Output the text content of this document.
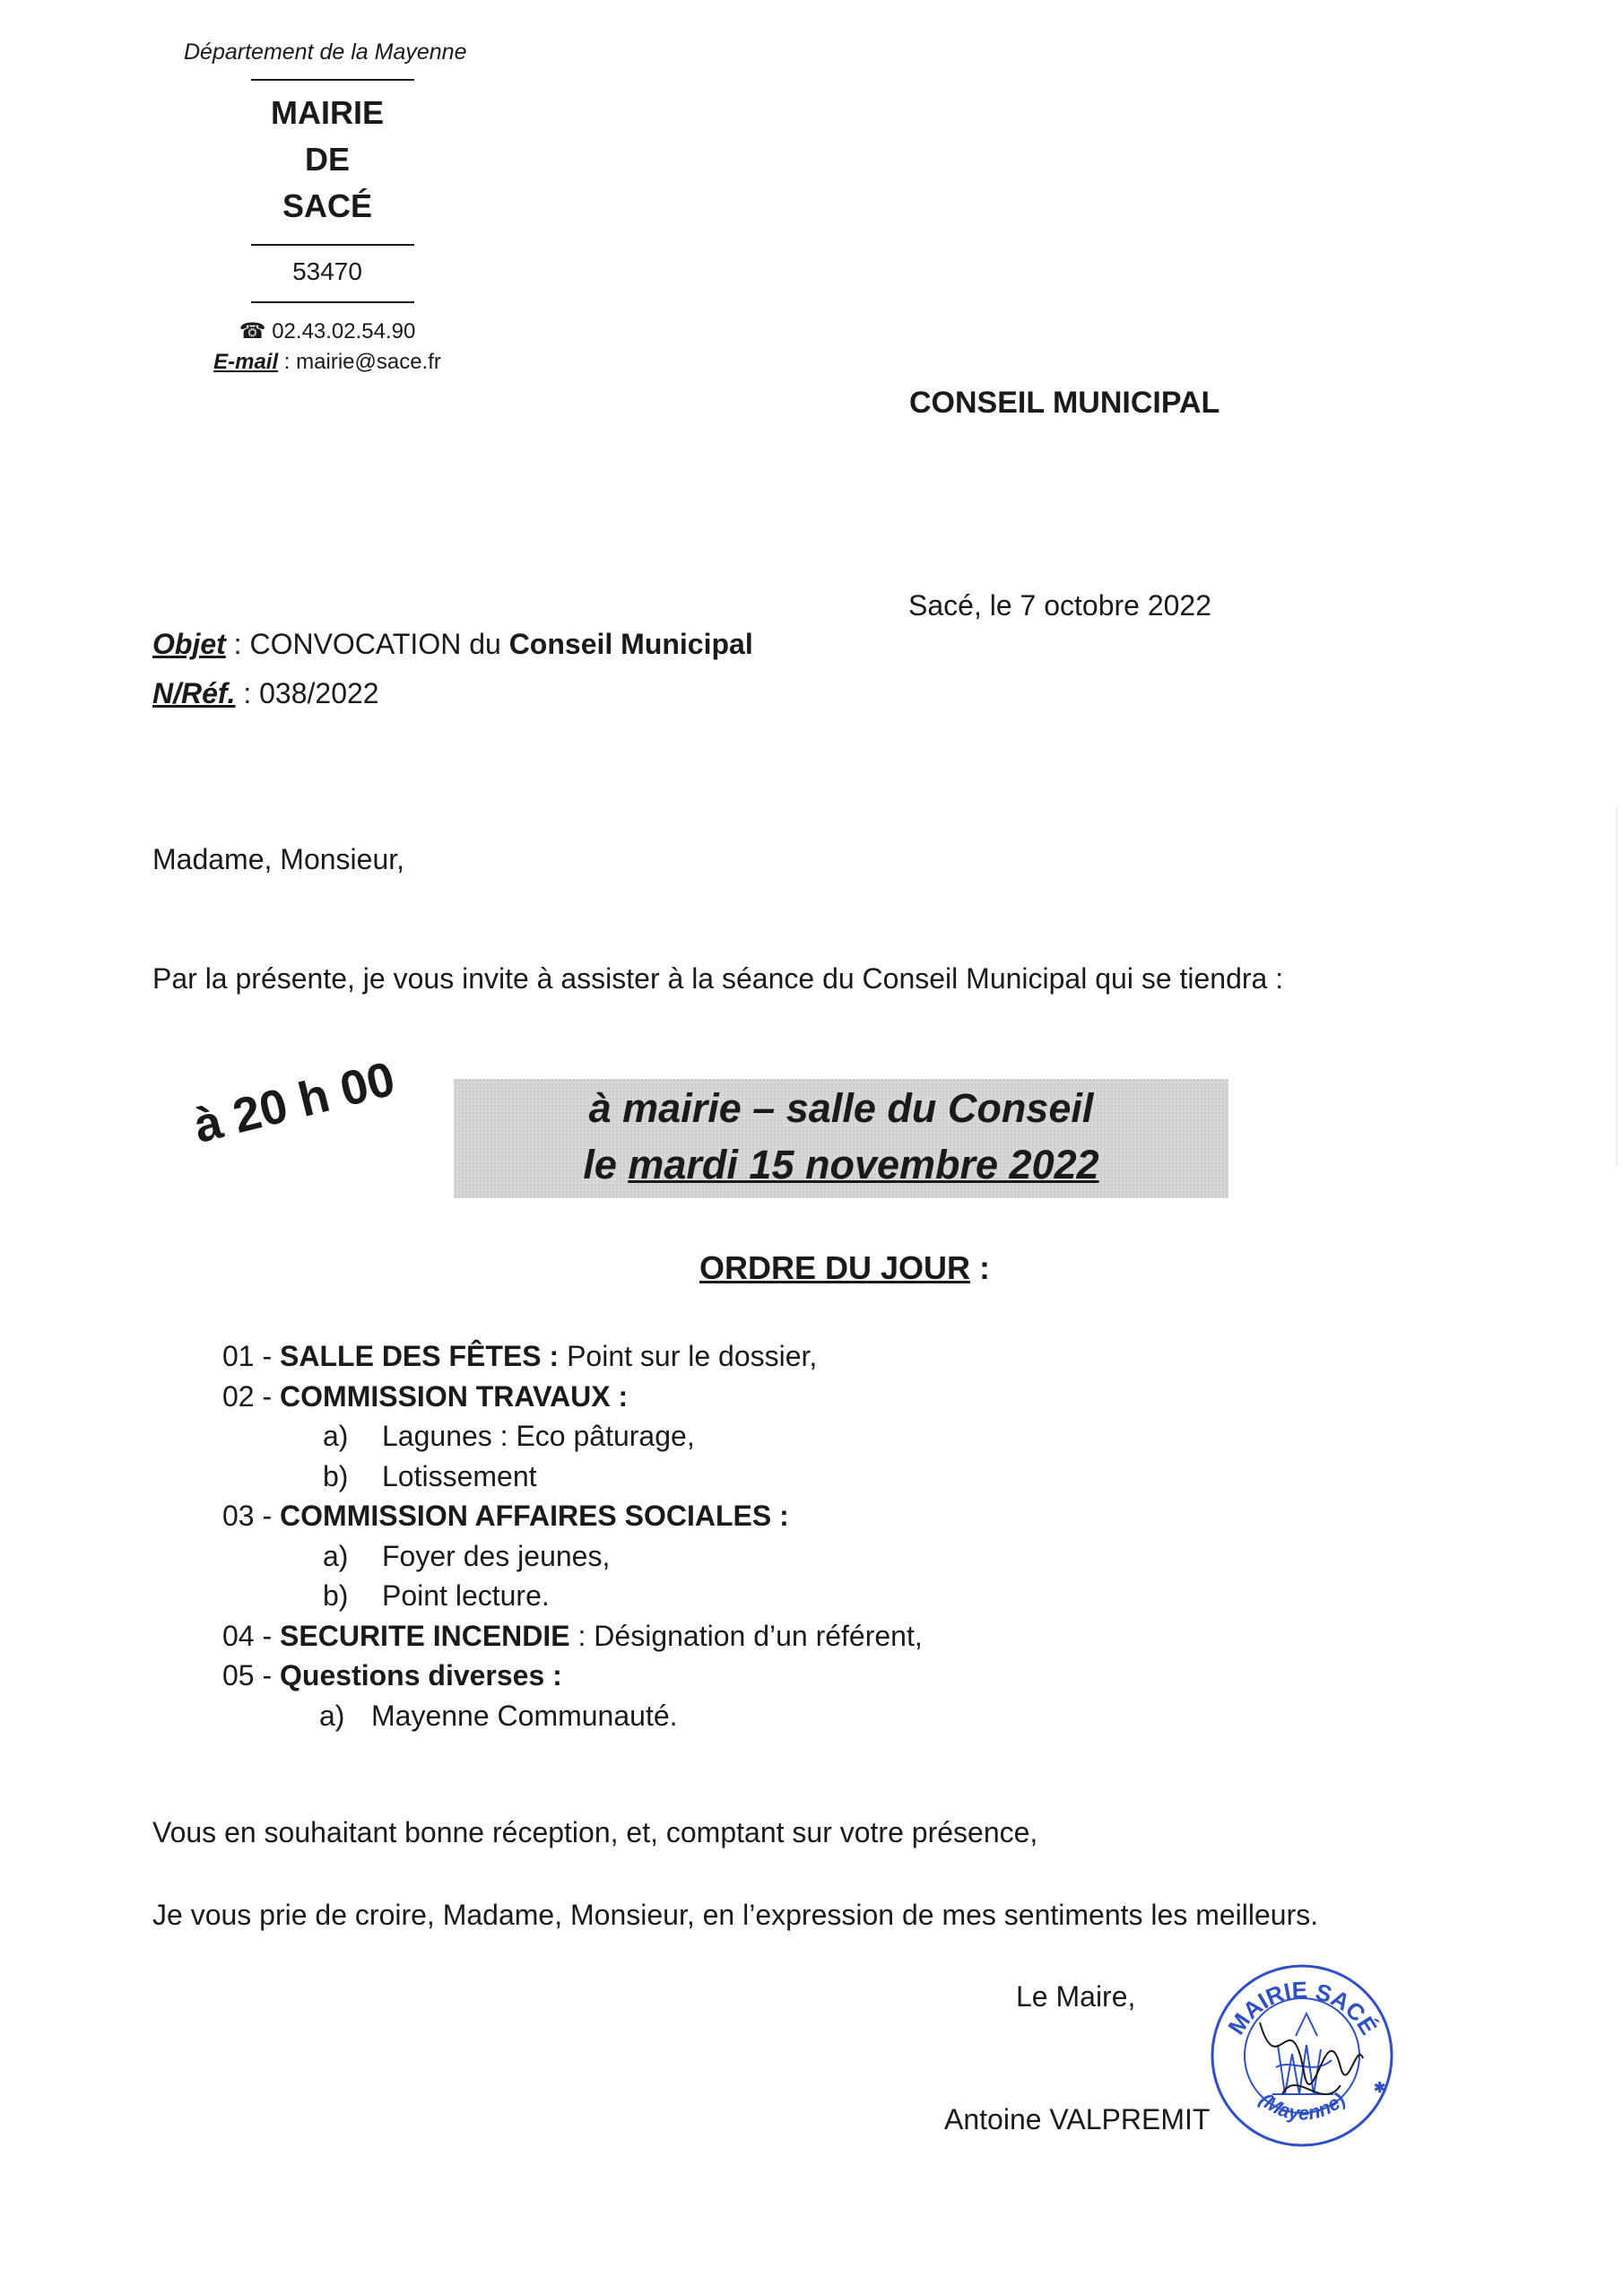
Département de la Mayenne
MAIRIE
DE
SACÉ
53470
☎ 02.43.02.54.90
E-mail : mairie@sace.fr
CONSEIL MUNICIPAL
Sacé, le 7 octobre 2022
Objet : CONVOCATION du Conseil Municipal
N/Réf. : 038/2022
Madame, Monsieur,
Par la présente, je vous invite à assister à la séance du Conseil Municipal qui se tiendra :
à 20 h 00	à mairie – salle du Conseil
le mardi 15 novembre 2022
ORDRE DU JOUR :
01 - SALLE DES FÊTES : Point sur le dossier,
02 - COMMISSION TRAVAUX :
a) Lagunes : Eco pâturage,
b) Lotissement
03 - COMMISSION AFFAIRES SOCIALES :
a) Foyer des jeunes,
b) Point lecture.
04 - SECURITE INCENDIE : Désignation d’un référent,
05 - Questions diverses :
a) Mayenne Communauté.
Vous en souhaitant bonne réception, et, comptant sur votre présence,
Je vous prie de croire, Madame, Monsieur, en l’expression de mes sentiments les meilleurs.
Le Maire,
Antoine VALPREMIT
MAIRIE SACÉ
(Mayenne) ✱
